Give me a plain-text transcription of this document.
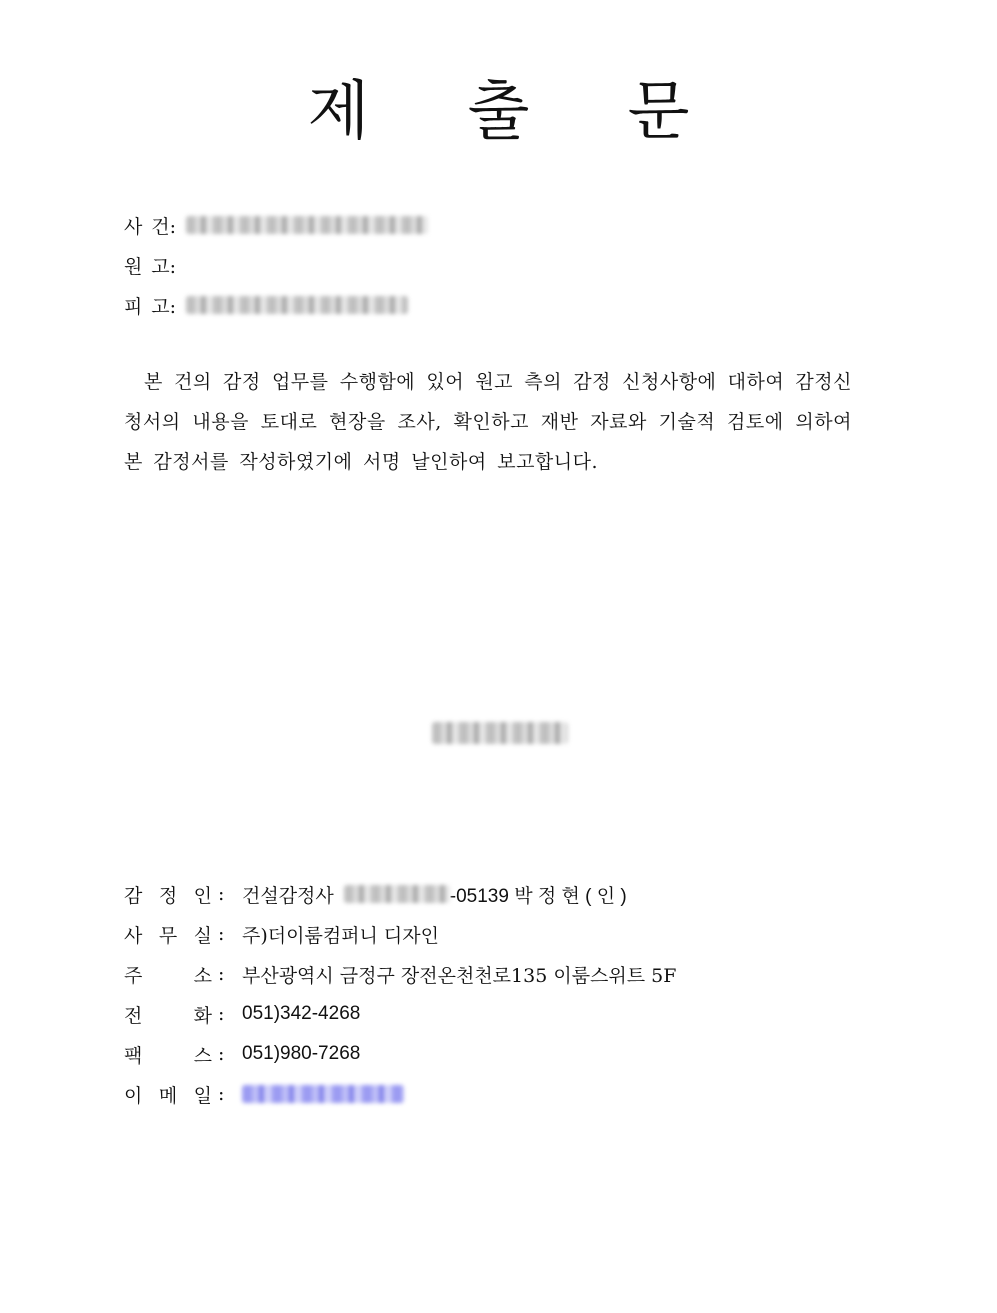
제	출	문
사 건:
원 고:
피 고:
본 건의 감정 업무를 수행함에 있어 원고 측의 감정 신청사항에 대하여 감정신청서의 내용을 토대로 현장을 조사, 확인하고 재반 자료와 기술적 검토에 의하여 본 감정서를 작성하였기에 서명 날인하여 보고합니다.
감 정 인 : 건설감정사	-05139 박 정 현 ( 인 )
사 무 실 : 주)더이룸컴퍼니 디자인
주	소 : 부산광역시 금정구 장전온천천로135 이룸스위트 5F
전	화 : 051)342-4268
팩	스 : 051)980-7268
이 메 일 :
